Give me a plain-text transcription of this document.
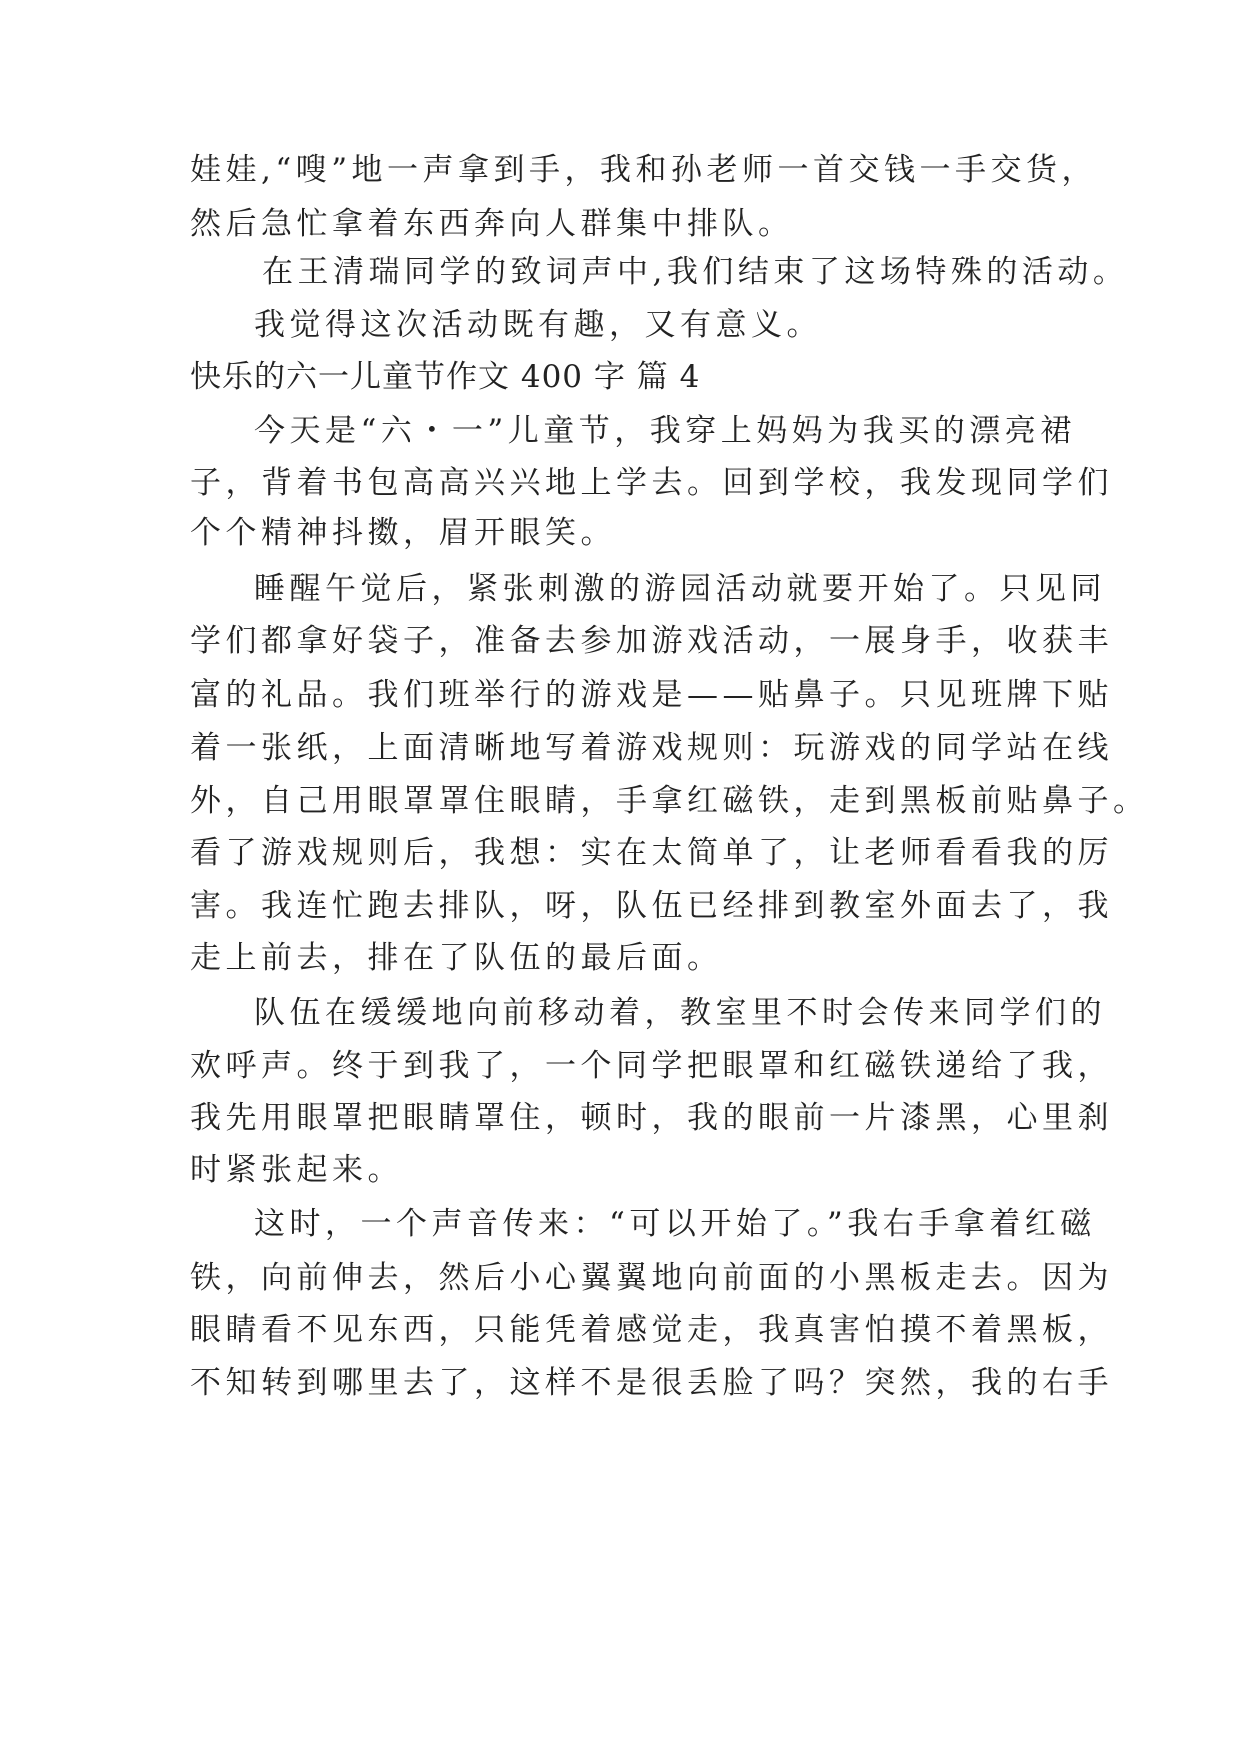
娃娃,“嗖”地一声拿到手，我和孙老师一首交钱一手交货，
然后急忙拿着东西奔向人群集中排队。
在王清瑞同学的致词声中,我们结束了这场特殊的活动。
我觉得这次活动既有趣，又有意义。
快乐的六一儿童节作文 400 字 篇 4
今天是“六・一”儿童节，我穿上妈妈为我买的漂亮裙
子，背着书包高高兴兴地上学去。回到学校，我发现同学们
个个精神抖擞，眉开眼笑。
睡醒午觉后，紧张刺激的游园活动就要开始了。只见同
学们都拿好袋子，准备去参加游戏活动，一展身手，收获丰
富的礼品。我们班举行的游戏是——贴鼻子。只见班牌下贴
着一张纸，上面清晰地写着游戏规则：玩游戏的同学站在线
外，自己用眼罩罩住眼睛，手拿红磁铁，走到黑板前贴鼻子。
看了游戏规则后，我想：实在太简单了，让老师看看我的厉
害。我连忙跑去排队，呀，队伍已经排到教室外面去了，我
走上前去，排在了队伍的最后面。
队伍在缓缓地向前移动着，教室里不时会传来同学们的
欢呼声。终于到我了，一个同学把眼罩和红磁铁递给了我，
我先用眼罩把眼睛罩住，顿时，我的眼前一片漆黑，心里刹
时紧张起来。
这时，一个声音传来：“可以开始了。”我右手拿着红磁
铁，向前伸去，然后小心翼翼地向前面的小黑板走去。因为
眼睛看不见东西，只能凭着感觉走，我真害怕摸不着黑板，
不知转到哪里去了，这样不是很丢脸了吗？突然，我的右手
